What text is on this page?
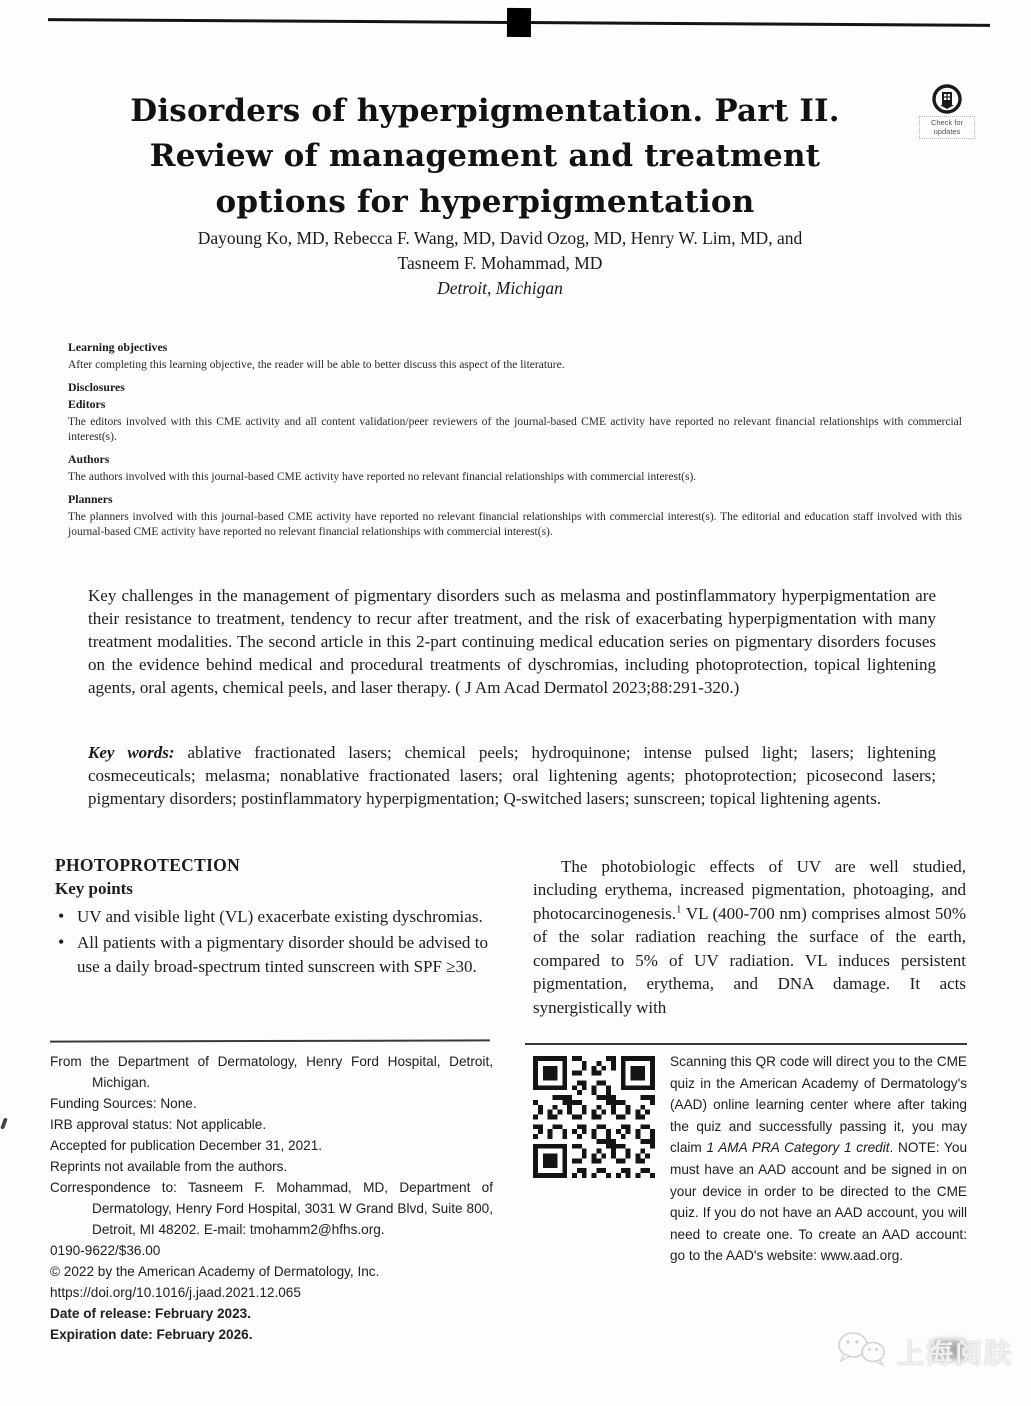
Check for updates
Disorders of hyperpigmentation. Part II.
Review of management and treatment
options for hyperpigmentation
Dayoung Ko, MD, Rebecca F. Wang, MD, David Ozog, MD, Henry W. Lim, MD, and
Tasneem F. Mohammad, MD
Detroit, Michigan
Learning objectives

After completing this learning objective, the reader will be able to better discuss this aspect of the literature.

Disclosures
Editors

The editors involved with this CME activity and all content validation/peer reviewers of the journal-based CME activity have reported no relevant financial relationships with commercial interest(s).

Authors

The authors involved with this journal-based CME activity have reported no relevant financial relationships with commercial interest(s).

Planners

The planners involved with this journal-based CME activity have reported no relevant financial relationships with commercial interest(s). The editorial and education staff involved with this journal-based CME activity have reported no relevant financial relationships with commercial interest(s).

Key challenges in the management of pigmentary disorders such as melasma and postinflammatory hyperpigmentation are their resistance to treatment, tendency to recur after treatment, and the risk of exacerbating hyperpigmentation with many treatment modalities. The second article in this 2-part continuing medical education series on pigmentary disorders focuses on the evidence behind medical and procedural treatments of dyschromias, including photoprotection, topical lightening agents, oral agents, chemical peels, and laser therapy. ( J Am Acad Dermatol 2023;88:291-320.)

Key words: ablative fractionated lasers; chemical peels; hydroquinone; intense pulsed light; lasers; lightening cosmeceuticals; melasma; nonablative fractionated lasers; oral lightening agents; photoprotection; picosecond lasers; pigmentary disorders; postinflammatory hyperpigmentation; Q-switched lasers; sunscreen; topical lightening agents.
PHOTOPROTECTION
Key points
• UV and visible light (VL) exacerbate existing dyschromias.
• All patients with a pigmentary disorder should be advised to use a daily broad-spectrum tinted sunscreen with SPF ≥30.

The photobiologic effects of UV are well studied, including erythema, increased pigmentation, photoaging, and photocarcinogenesis.$^1$ VL (400-700 nm) comprises almost 50% of the solar radiation reaching the surface of the earth, compared to 5% of UV radiation. VL induces persistent pigmentation, erythema, and DNA damage. It acts synergistically with

From the Department of Dermatology, Henry Ford Hospital, Detroit, Michigan.
Funding Sources: None.
IRB approval status: Not applicable.
Accepted for publication December 31, 2021.
Reprints not available from the authors.
Correspondence to: Tasneem F. Mohammad, MD, Department of Dermatology, Henry Ford Hospital, 3031 W Grand Blvd, Suite 800, Detroit, MI 48202. E-mail: tmohamm2@hfhs.org.
0190-9622/$36.00
© 2022 by the American Academy of Dermatology, Inc.
https://doi.org/10.1016/j.jaad.2021.12.065
Date of release: February 2023.
Expiration date: February 2026.

Scanning this QR code will direct you to the CME quiz in the American Academy of Dermatology's (AAD) online learning center where after taking the quiz and successfully passing it, you may claim 1 AMA PRA Category 1 credit. NOTE: You must have an AAD account and be signed in on your device in order to be directed to the CME quiz. If you do not have an AAD account, you will need to create one. To create an AAD account: go to the AAD's website: www.aad.org.

上海阅肤
